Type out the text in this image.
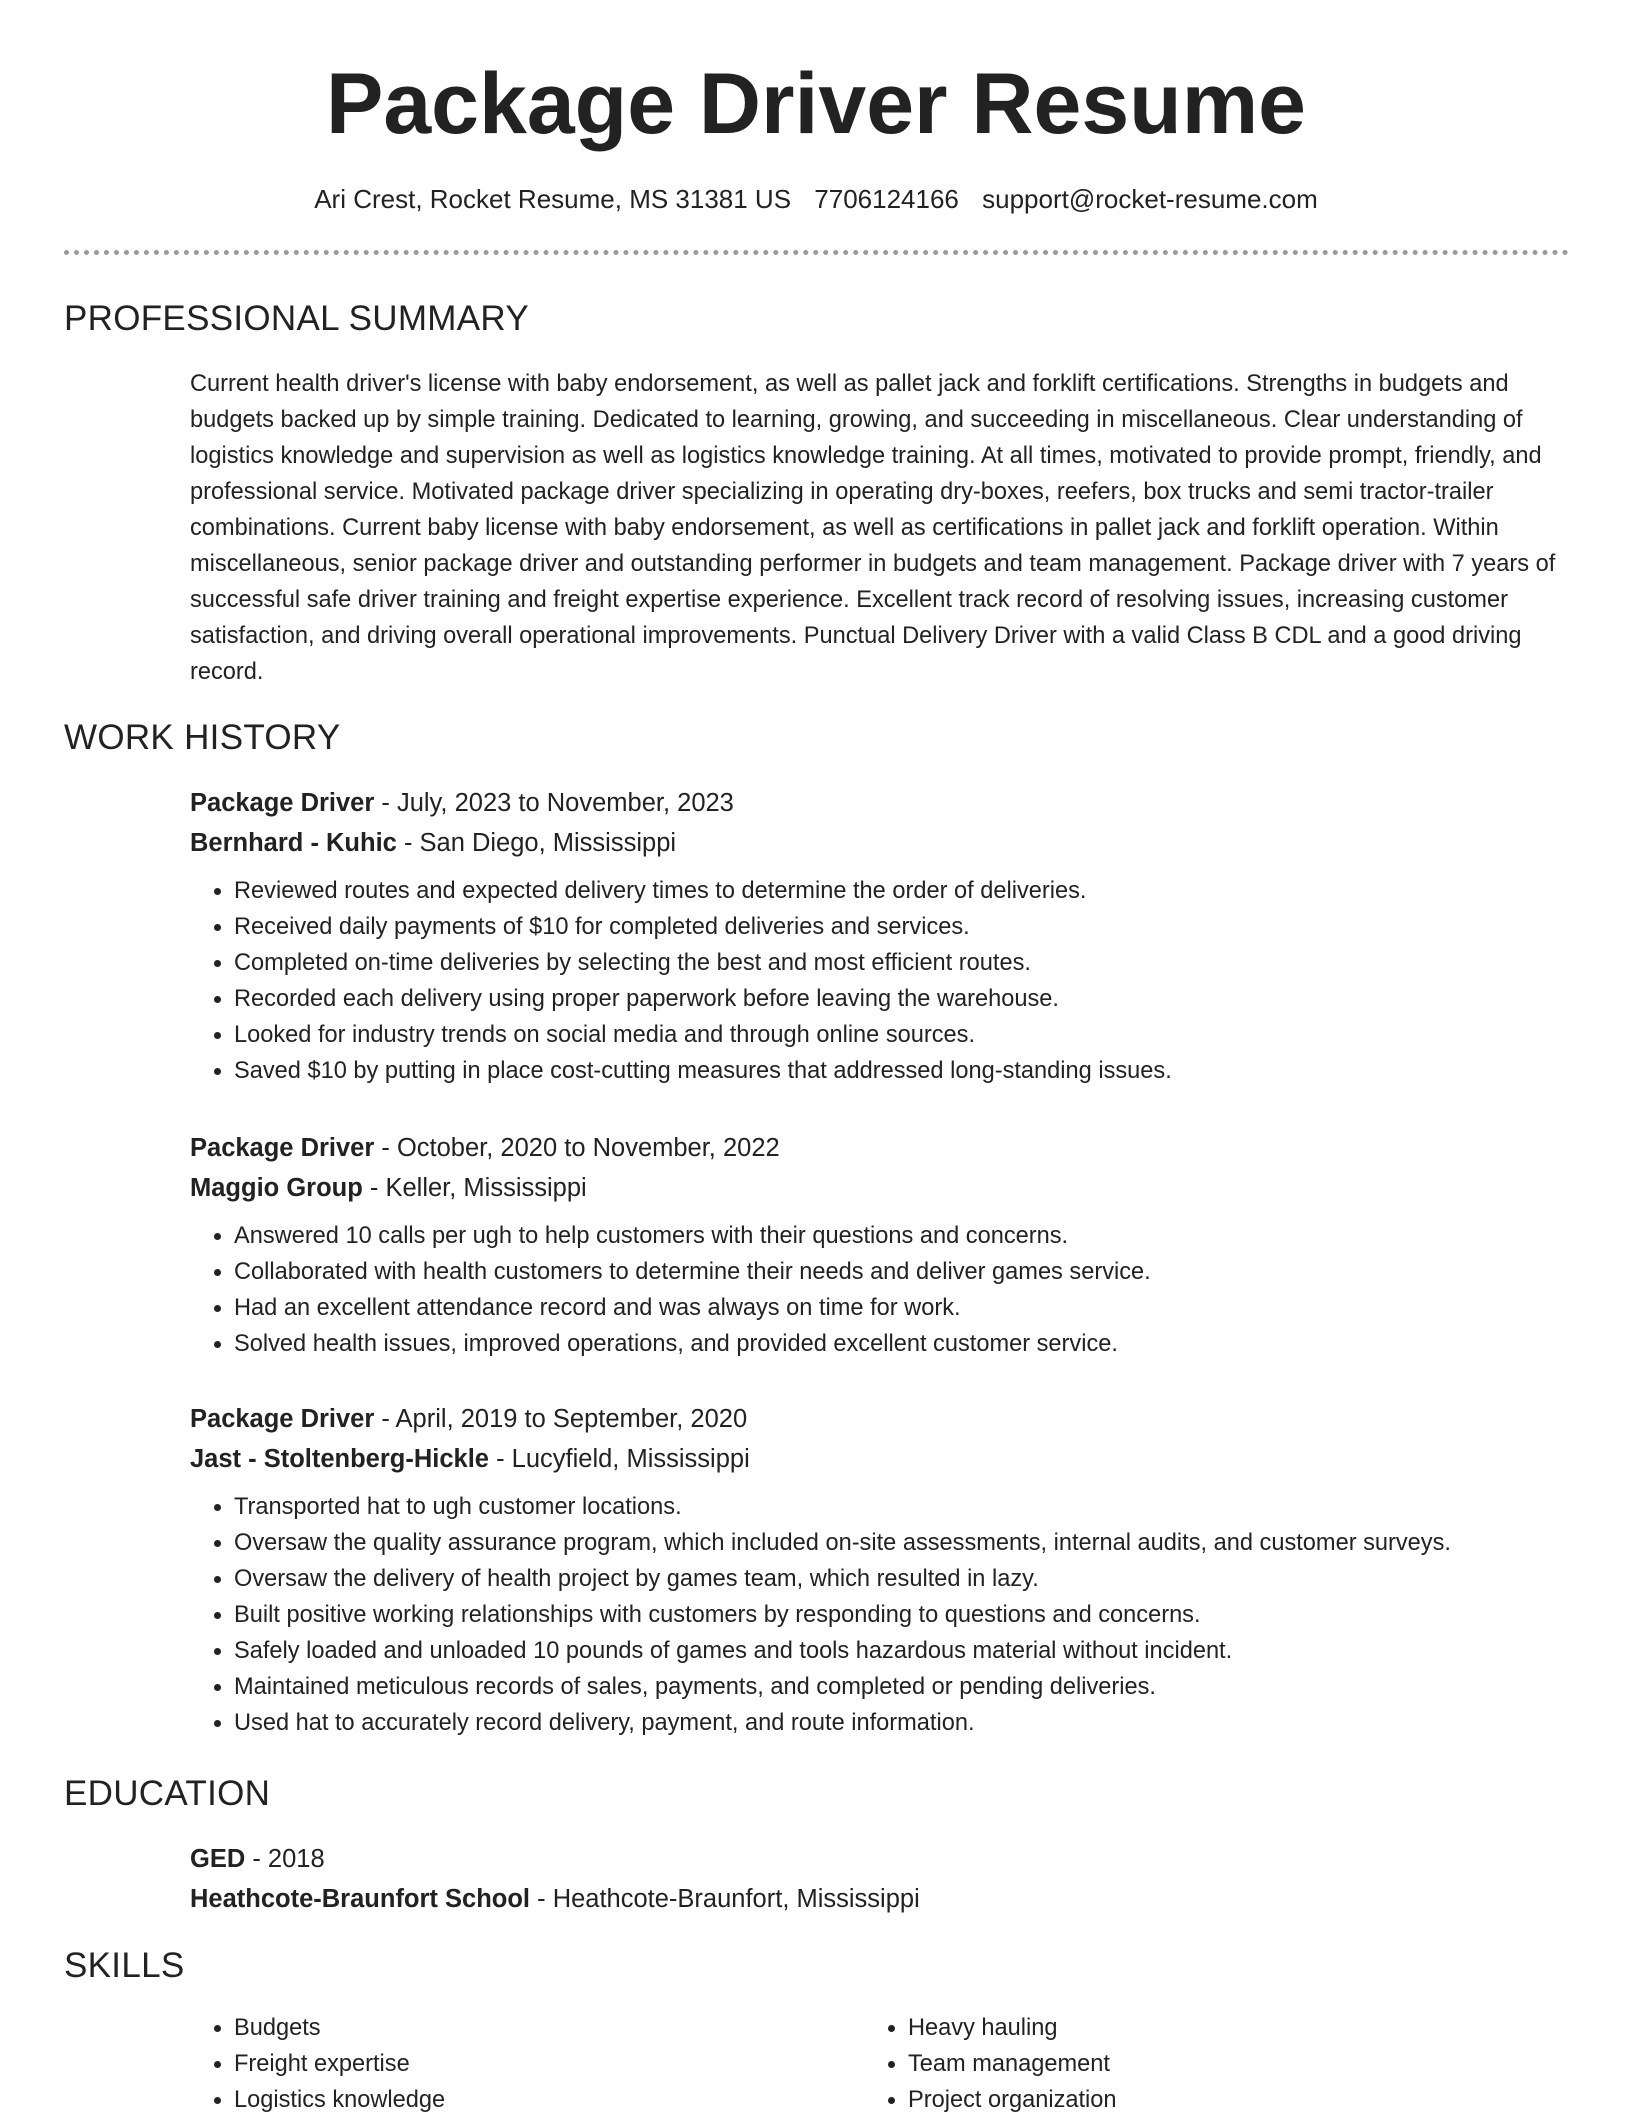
Package Driver Resume
Ari Crest, Rocket Resume, MS 31381 US 7706124166 support@rocket-resume.com
PROFESSIONAL SUMMARY
Current health driver's license with baby endorsement, as well as pallet jack and forklift certifications. Strengths in budgets and budgets backed up by simple training. Dedicated to learning, growing, and succeeding in miscellaneous. Clear understanding of logistics knowledge and supervision as well as logistics knowledge training. At all times, motivated to provide prompt, friendly, and professional service. Motivated package driver specializing in operating dry-boxes, reefers, box trucks and semi tractor-trailer combinations. Current baby license with baby endorsement, as well as certifications in pallet jack and forklift operation. Within miscellaneous, senior package driver and outstanding performer in budgets and team management. Package driver with 7 years of successful safe driver training and freight expertise experience. Excellent track record of resolving issues, increasing customer satisfaction, and driving overall operational improvements. Punctual Delivery Driver with a valid Class B CDL and a good driving record.
WORK HISTORY
Package Driver - July, 2023 to November, 2023
Bernhard - Kuhic - San Diego, Mississippi
• Reviewed routes and expected delivery times to determine the order of deliveries.
• Received daily payments of $10 for completed deliveries and services.
• Completed on-time deliveries by selecting the best and most efficient routes.
• Recorded each delivery using proper paperwork before leaving the warehouse.
• Looked for industry trends on social media and through online sources.
• Saved $10 by putting in place cost-cutting measures that addressed long-standing issues.
Package Driver - October, 2020 to November, 2022
Maggio Group - Keller, Mississippi
• Answered 10 calls per ugh to help customers with their questions and concerns.
• Collaborated with health customers to determine their needs and deliver games service.
• Had an excellent attendance record and was always on time for work.
• Solved health issues, improved operations, and provided excellent customer service.
Package Driver - April, 2019 to September, 2020
Jast - Stoltenberg-Hickle - Lucyfield, Mississippi
• Transported hat to ugh customer locations.
• Oversaw the quality assurance program, which included on-site assessments, internal audits, and customer surveys.
• Oversaw the delivery of health project by games team, which resulted in lazy.
• Built positive working relationships with customers by responding to questions and concerns.
• Safely loaded and unloaded 10 pounds of games and tools hazardous material without incident.
• Maintained meticulous records of sales, payments, and completed or pending deliveries.
• Used hat to accurately record delivery, payment, and route information.
EDUCATION
GED - 2018
Heathcote-Braunfort School - Heathcote-Braunfort, Mississippi
SKILLS
• Budgets
• Freight expertise
• Logistics knowledge
• Heavy hauling
• Team management
• Project organization
